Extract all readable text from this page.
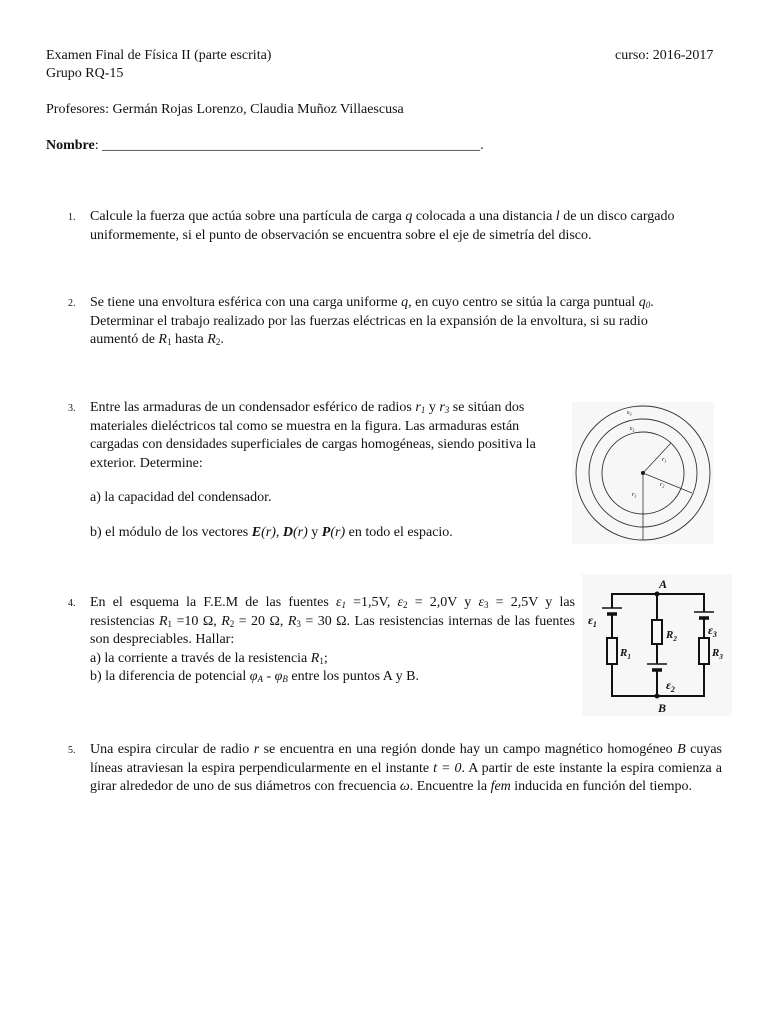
Examen Final de Física II (parte escrita)	curso: 2016-2017
Grupo RQ-15
Profesores: Germán Rojas Lorenzo, Claudia Muñoz Villaescusa
Nombre: ______________________________________________________.
1. Calcule la fuerza que actúa sobre una partícula de carga q colocada a una distancia l de un disco cargado uniformemente, si el punto de observación se encuentra sobre el eje de simetría del disco.
2. Se tiene una envoltura esférica con una carga uniforme q, en cuyo centro se sitúa la carga puntual $q_0$. Determinar el trabajo realizado por las fuerzas eléctricas en la expansión de la envoltura, si su radio aumentó de $R_1$ hasta $R_2$.
3. Entre las armaduras de un condensador esférico de radios $r_1$ y $r_3$ se sitúan dos materiales dieléctricos tal como se muestra en la figura. Las armaduras están cargadas con densidades superficiales de cargas homogéneas, siendo positiva la exterior. Determine:
a) la capacidad del condensador.
b) el módulo de los vectores E(r), D(r) y P(r) en todo el espacio.
$\varepsilon_3$
$\varepsilon_2$
$r_1$
$r_2$
$r_3$
4. En el esquema la F.E.M de las fuentes $\varepsilon_1 =1,5V$, $\varepsilon_2 = 2,0V$ y $\varepsilon_3 = 2,5V$ y las resistencias $R_1 =10$ Ω, $R_2 = 20$ Ω, $R_3 = 30$ Ω. Las resistencias internas de las fuentes son despreciables. Hallar:
a) la corriente a través de la resistencia $R_1$;
b) la diferencia de potencial $\varphi_A - \varphi_B$ entre los puntos A y B.
A
B
$\varepsilon_1$
$\varepsilon_2$
$\varepsilon_3$
$R_1$
$R_2$
$R_3$
5. Una espira circular de radio r se encuentra en una región donde hay un campo magnético homogéneo B cuyas líneas atraviesan la espira perpendicularmente en el instante t = 0. A partir de este instante la espira comienza a girar alrededor de uno de sus diámetros con frecuencia ω. Encuentre la fem inducida en función del tiempo.
